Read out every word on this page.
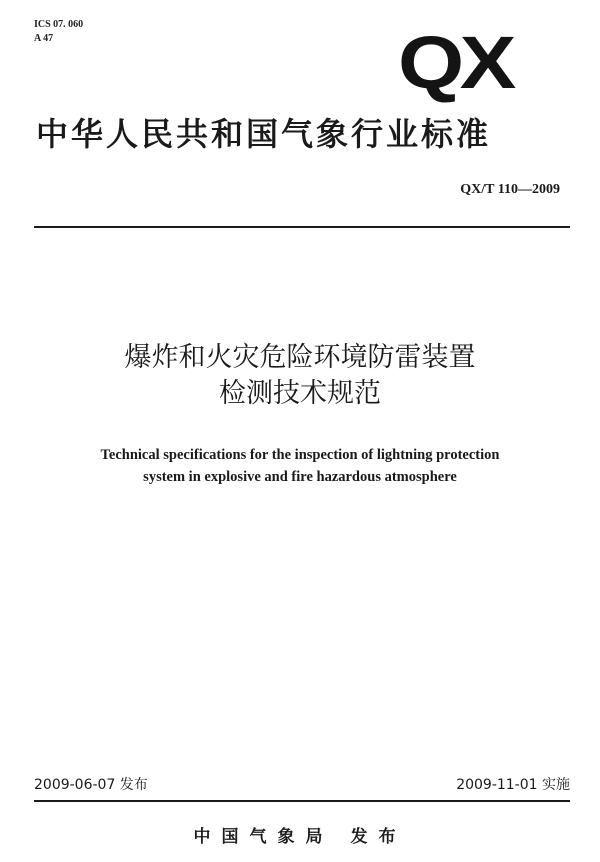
ICS 07. 060
A 47	QX
中华人民共和国气象行业标准
QX/T 110—2009
爆炸和火灾危险环境防雷装置
检测技术规范
Technical specifications for the inspection of lightning protection
system in explosive and fire hazardous atmosphere
2009-06-07 发布	2009-11-01 实施
中国气象局 发布
